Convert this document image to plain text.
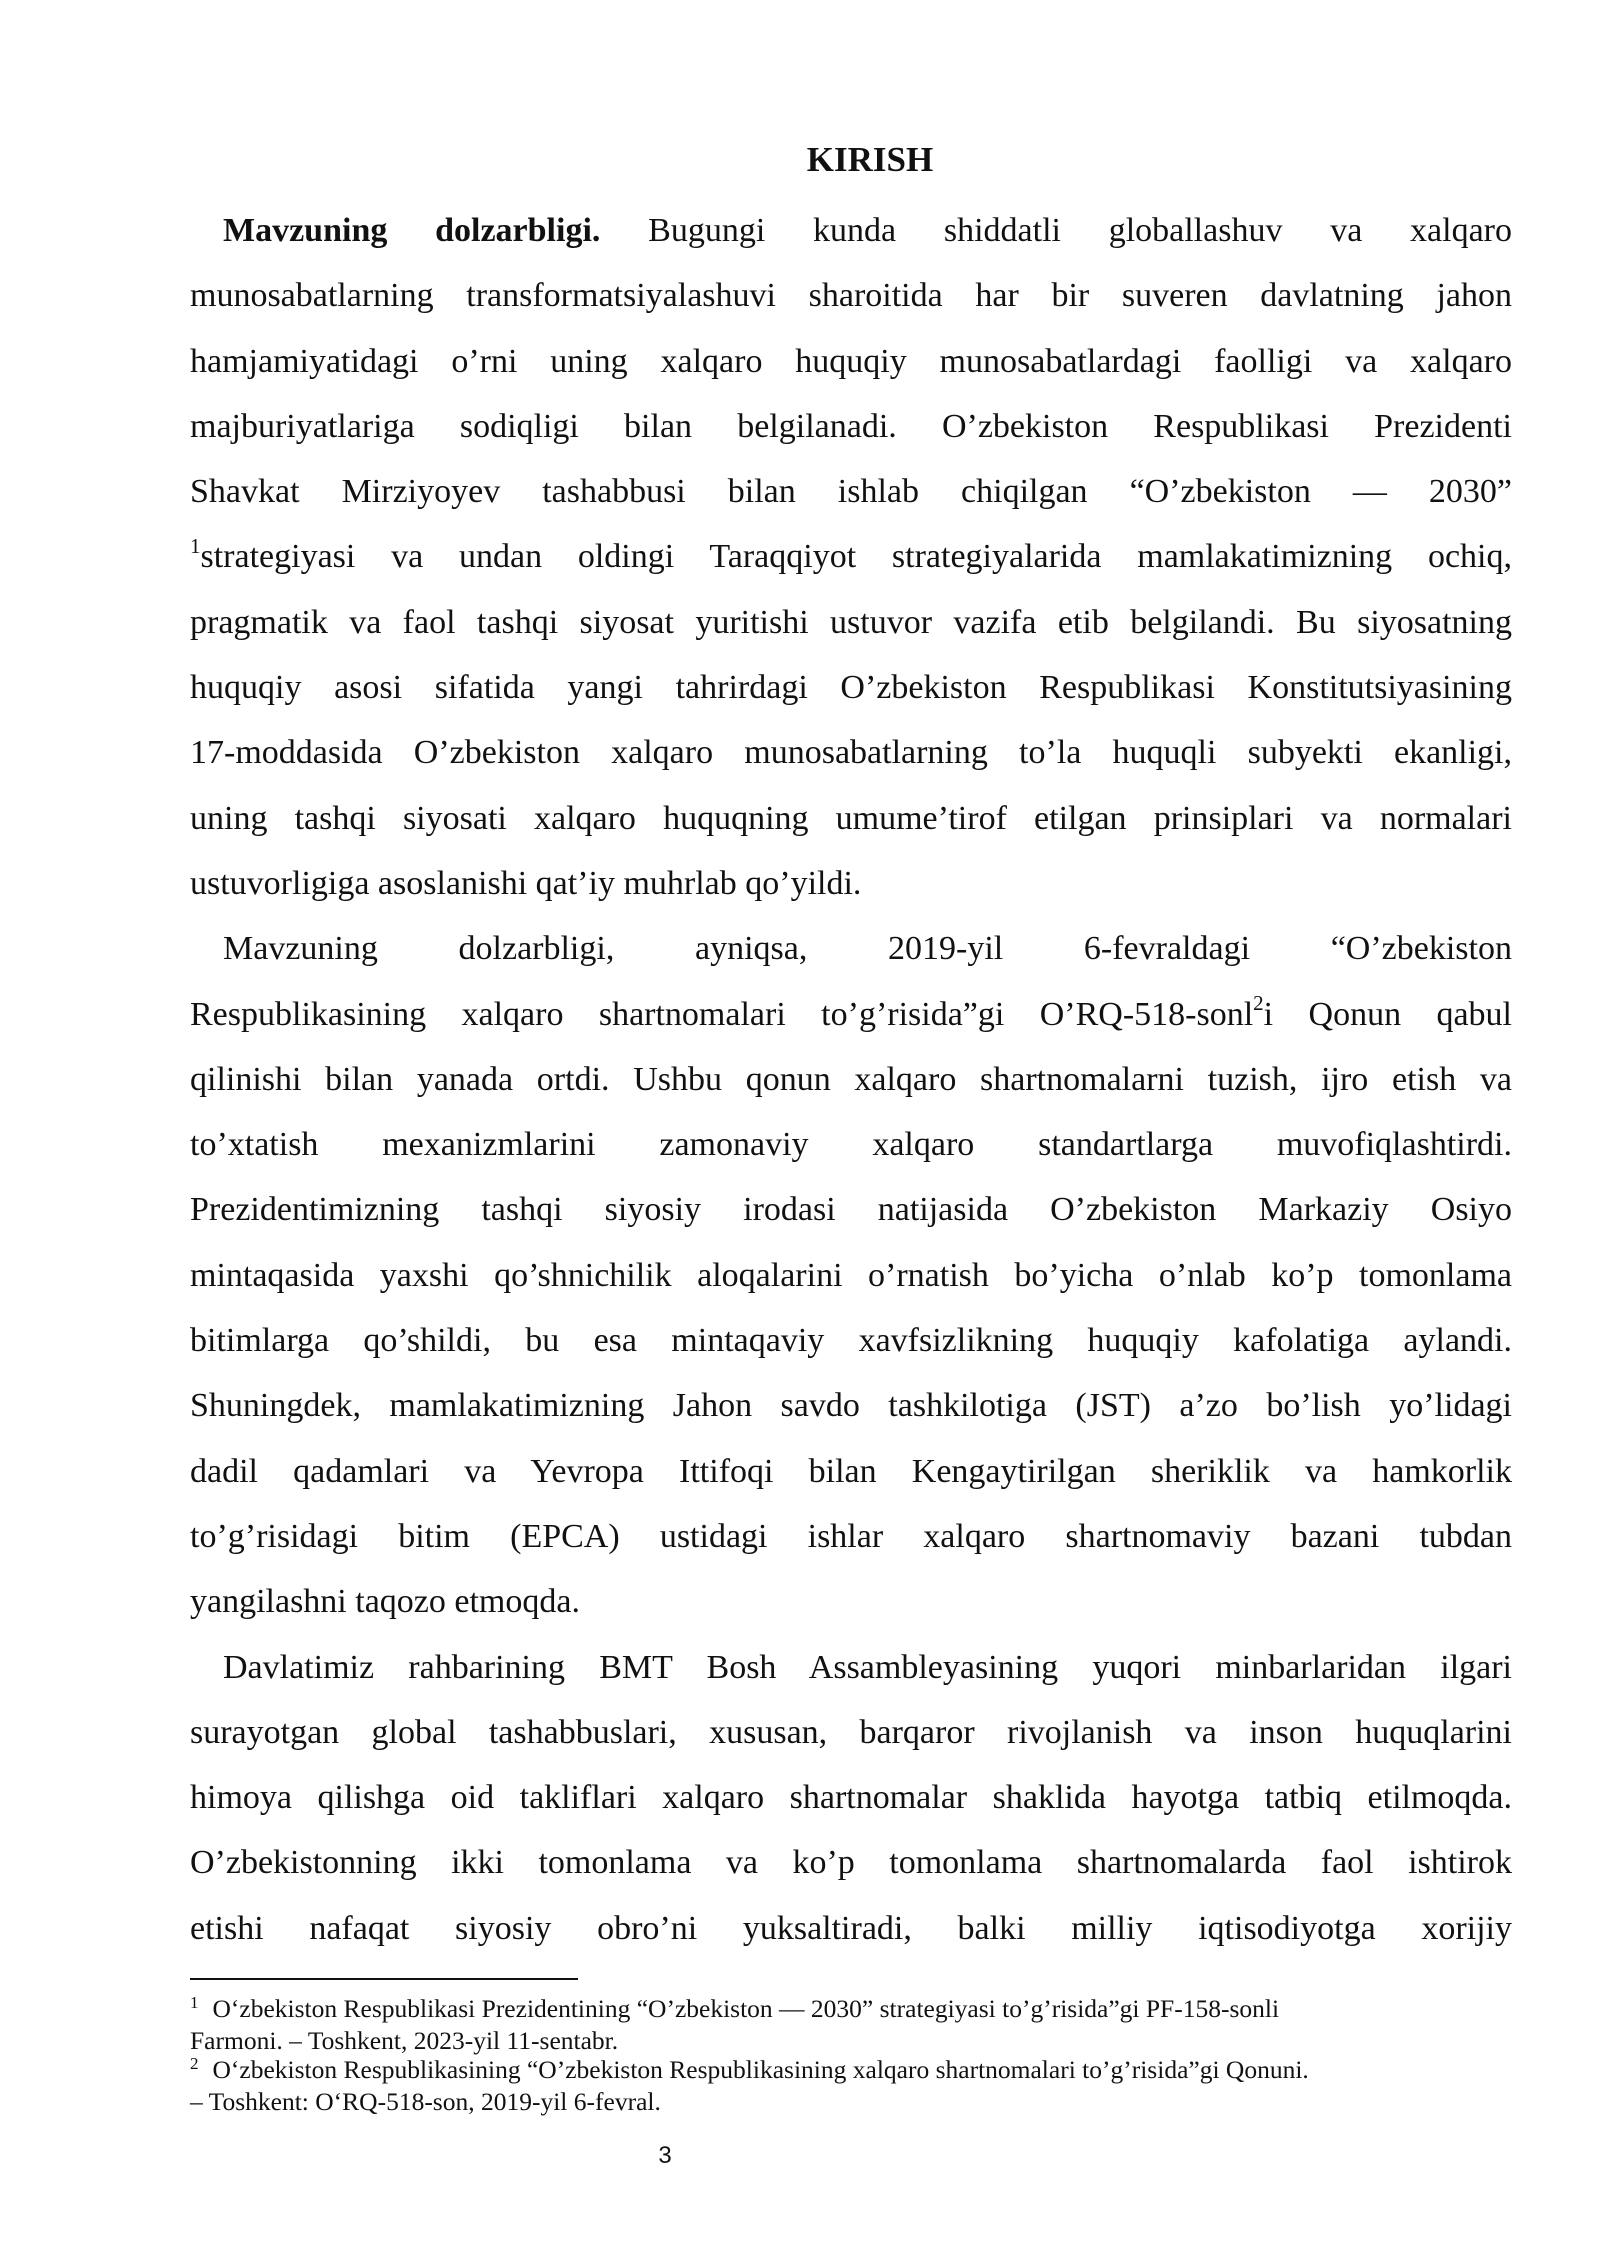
KIRISH
Mavzuning dolzarbligi. Bugungi kunda shiddatli globallashuv va xalqaro
munosabatlarning transformatsiyalashuvi sharoitida har bir suveren davlatning jahon
hamjamiyatidagi o’rni uning xalqaro huquqiy munosabatlardagi faolligi va xalqaro
majburiyatlariga sodiqligi bilan belgilanadi. O’zbekiston Respublikasi Prezidenti
Shavkat Mirziyoyev tashabbusi bilan ishlab chiqilgan “O’zbekiston — 2030”
$^1$strategiyasi va undan oldingi Taraqqiyot strategiyalarida mamlakatimizning ochiq,
pragmatik va faol tashqi siyosat yuritishi ustuvor vazifa etib belgilandi. Bu siyosatning
huquqiy asosi sifatida yangi tahrirdagi O’zbekiston Respublikasi Konstitutsiyasining
17-moddasida O’zbekiston xalqaro munosabatlarning to’la huquqli subyekti ekanligi,
uning tashqi siyosati xalqaro huquqning umume’tirof etilgan prinsiplari va normalari
ustuvorligiga asoslanishi qat’iy muhrlab qo’yildi.
Mavzuning dolzarbligi, ayniqsa, 2019-yil 6-fevraldagi “O’zbekiston
Respublikasining xalqaro shartnomalari to’g’risida”gi O’RQ-518-sonl$^2$i Qonun qabul
qilinishi bilan yanada ortdi. Ushbu qonun xalqaro shartnomalarni tuzish, ijro etish va
to’xtatish mexanizmlarini zamonaviy xalqaro standartlarga muvofiqlashtirdi.
Prezidentimizning tashqi siyosiy irodasi natijasida O’zbekiston Markaziy Osiyo
mintaqasida yaxshi qo’shnichilik aloqalarini o’rnatish bo’yicha o’nlab ko’p tomonlama
bitimlarga qo’shildi, bu esa mintaqaviy xavfsizlikning huquqiy kafolatiga aylandi.
Shuningdek, mamlakatimizning Jahon savdo tashkilotiga (JST) a’zo bo’lish yo’lidagi
dadil qadamlari va Yevropa Ittifoqi bilan Kengaytirilgan sheriklik va hamkorlik
to’g’risidagi bitim (EPCA) ustidagi ishlar xalqaro shartnomaviy bazani tubdan
yangilashni taqozo etmoqda.
Davlatimiz rahbarining BMT Bosh Assambleyasining yuqori minbarlaridan ilgari
surayotgan global tashabbuslari, xususan, barqaror rivojlanish va inson huquqlarini
himoya qilishga oid takliflari xalqaro shartnomalar shaklida hayotga tatbiq etilmoqda.
O’zbekistonning ikki tomonlama va ko’p tomonlama shartnomalarda faol ishtirok
etishi nafaqat siyosiy obro’ni yuksaltiradi, balki milliy iqtisodiyotga xorijiy
$^1$ O‘zbekiston Respublikasi Prezidentining “O’zbekiston — 2030” strategiyasi to’g’risida”gi PF-158-sonli
Farmoni. – Toshkent, 2023-yil 11-sentabr.
$^2$ O‘zbekiston Respublikasining “O’zbekiston Respublikasining xalqaro shartnomalari to’g’risida”gi Qonuni.
– Toshkent: O‘RQ-518-son, 2019-yil 6-fevral.
3
